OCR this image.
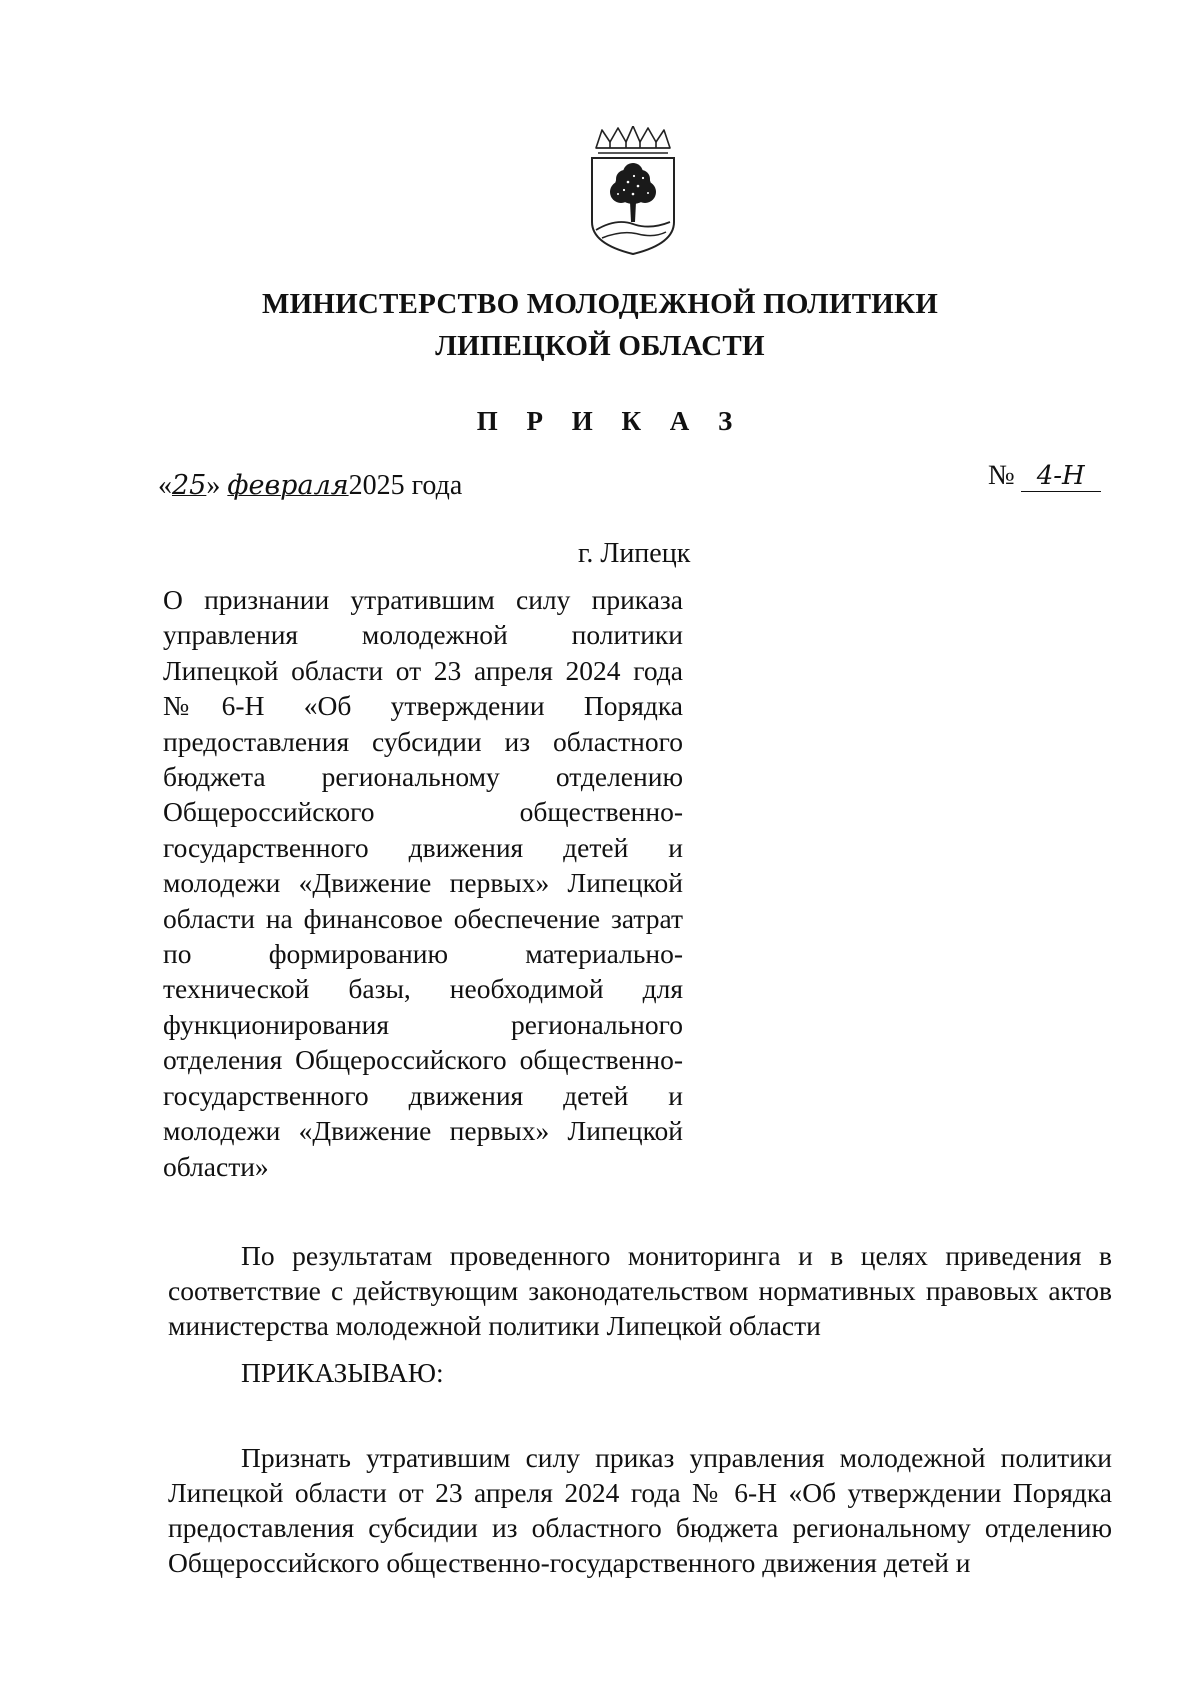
МИНИСТЕРСТВО МОЛОДЕЖНОЙ ПОЛИТИКИ
ЛИПЕЦКОЙ ОБЛАСТИ
П Р И К А З
«25» февраля2025 года	№ 4-Н
г. Липецк

О признании утратившим силу приказа управления молодежной политики Липецкой области от 23 апреля 2024 года №6-Н «Об утверждении Порядка предоставления субсидии из областного бюджета региональному отделению Общероссийского общественно-государственного движения детей и молодежи «Движение первых» Липецкой области на финансовое обеспечение затрат по формированию материально-технической базы, необходимой для функционирования регионального отделения Общероссийского общественно-государственного движения детей и молодежи «Движение первых» Липецкой области»

По результатам проведенного мониторинга и в целях приведения в соответствие с действующим законодательством нормативных правовых актов министерства молодежной политики Липецкой области

ПРИКАЗЫВАЮ:

Признать утратившим силу приказ управления молодежной политики Липецкой области от 23 апреля 2024 года № 6-Н «Об утверждении Порядка предоставления субсидии из областного бюджета региональному отделению Общероссийского общественно-государственного движения детей и
